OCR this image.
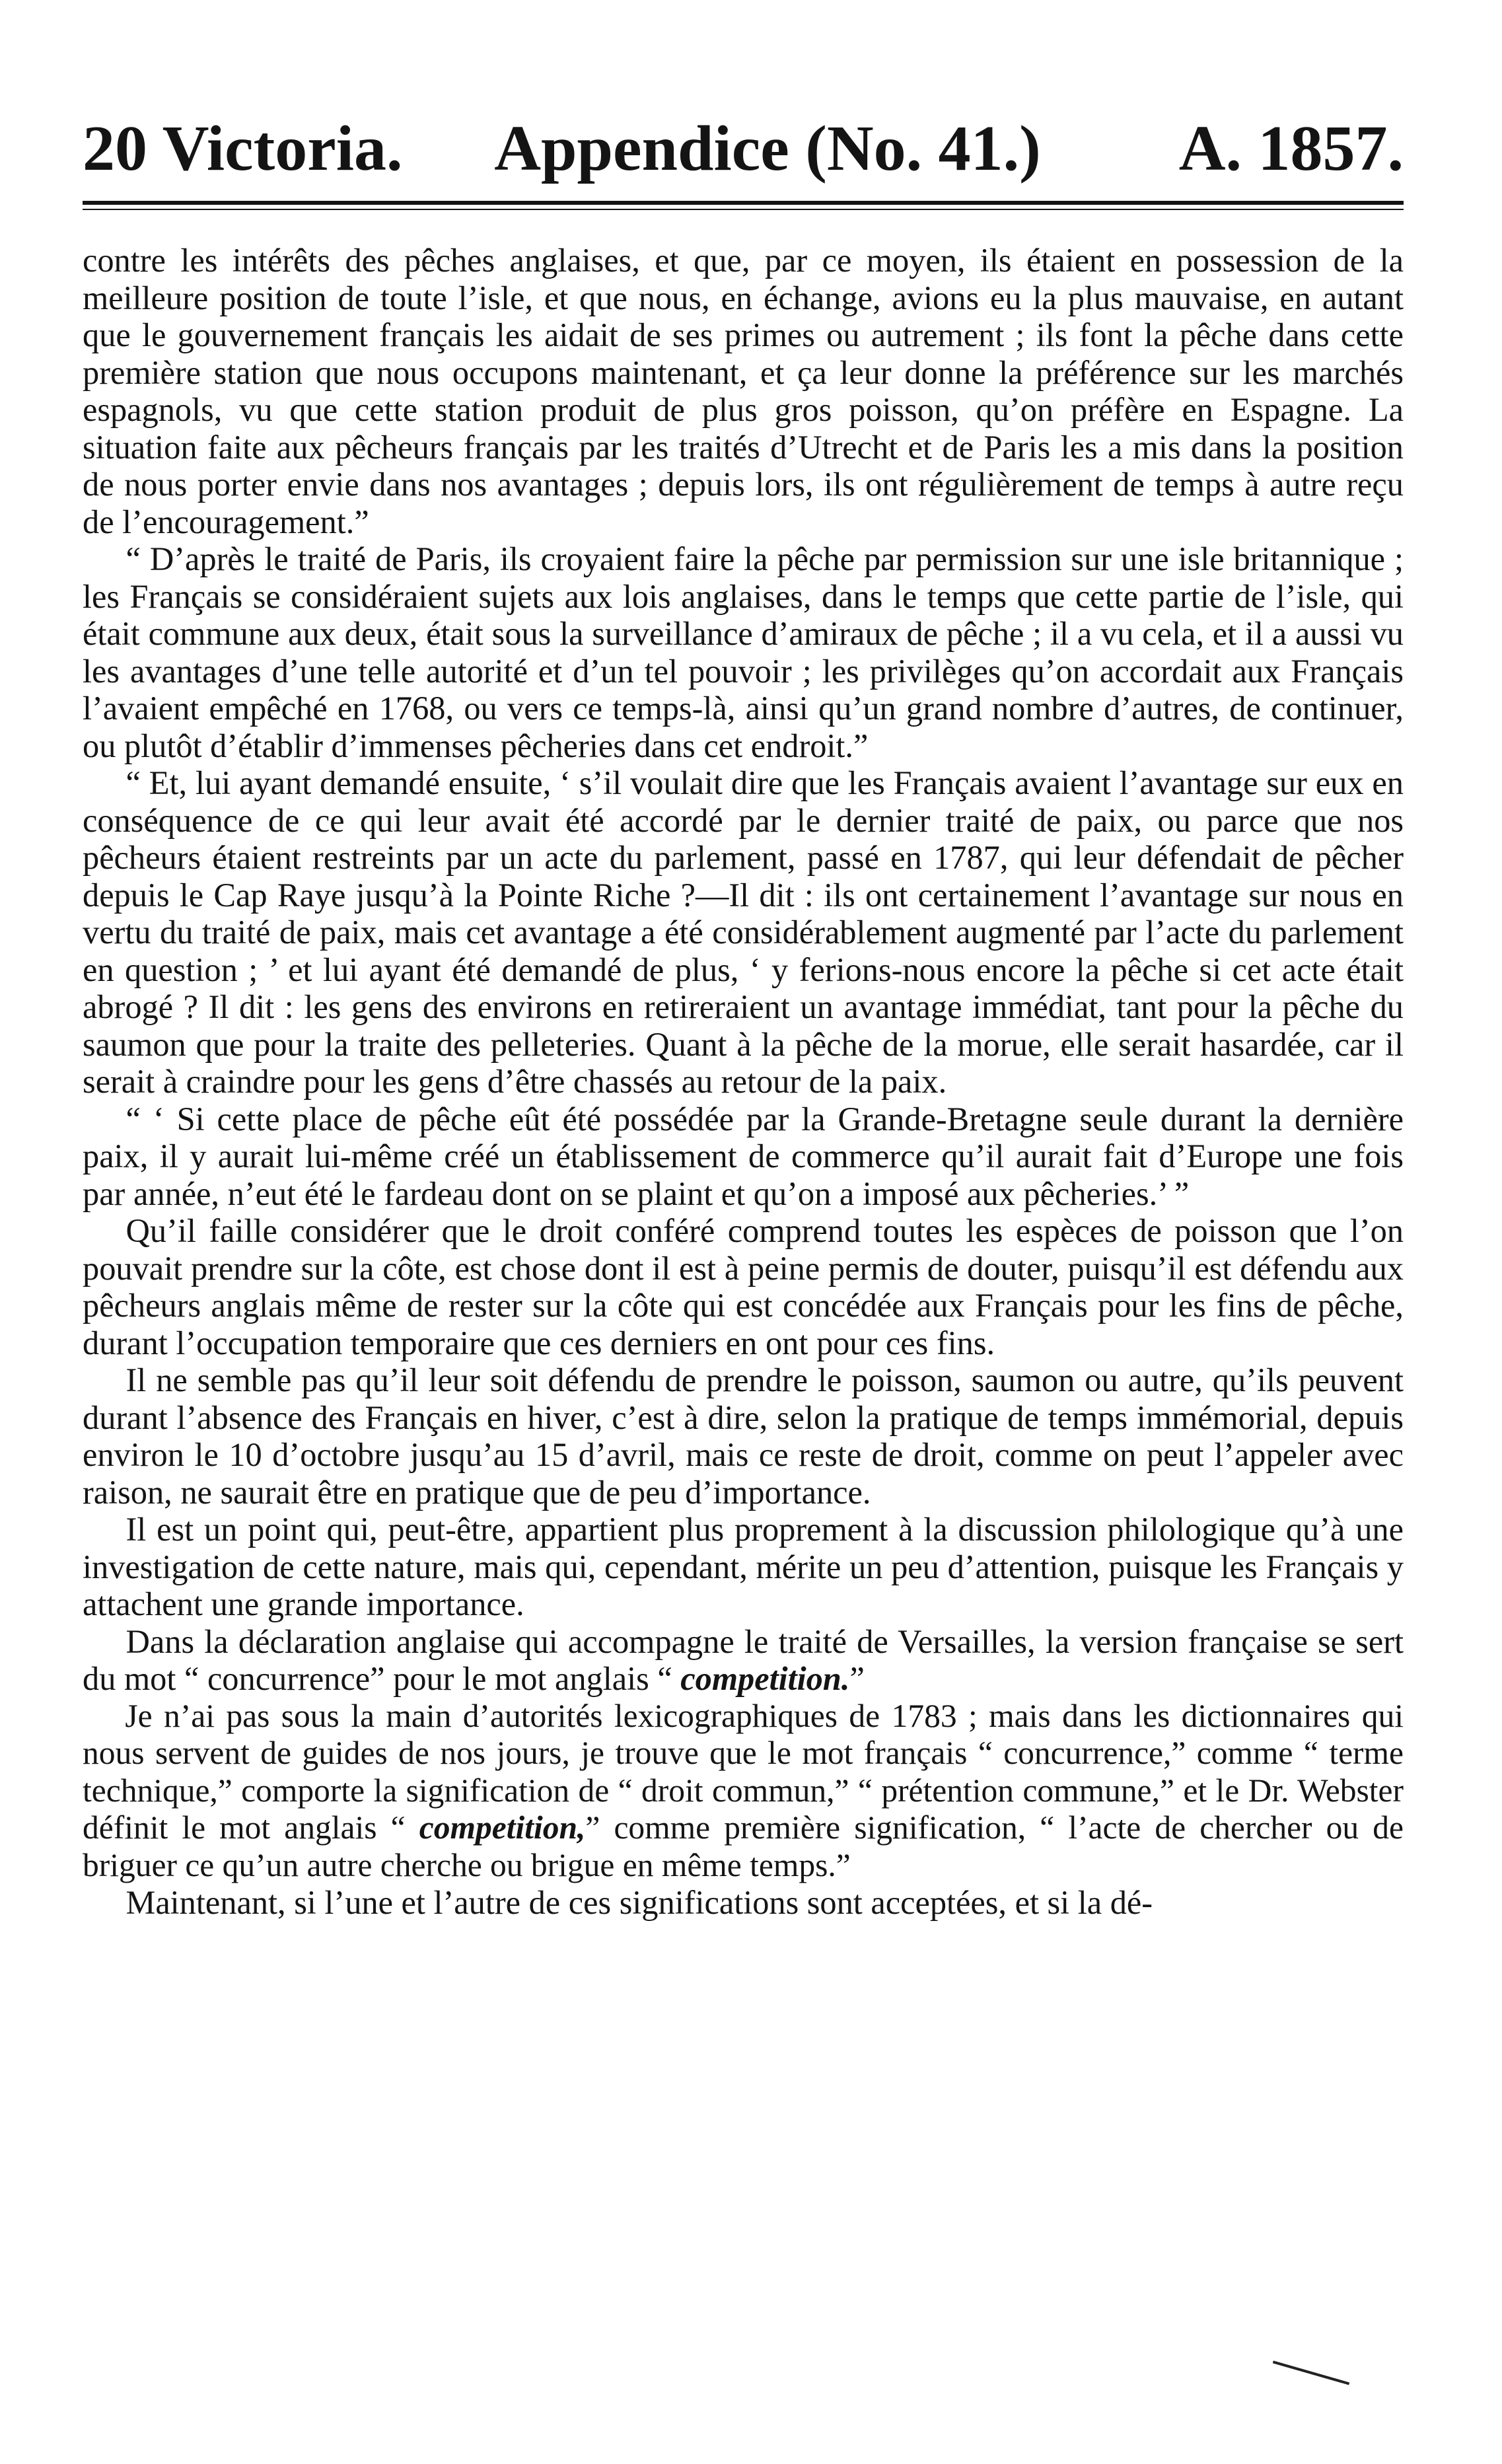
20 Victoria. Appendice (No. 41.) A. 1857.

contre les intérêts des pêches anglaises, et que, par ce moyen, ils étaient en possession de la meilleure position de toute l’isle, et que nous, en échange, avions eu la plus mauvaise, en autant que le gouvernement français les aidait de ses primes ou autrement ; ils font la pêche dans cette première station que nous occupons maintenant, et ça leur donne la préférence sur les marchés espagnols, vu que cette station produit de plus gros poisson, qu’on préfère en Espagne. La situation faite aux pêcheurs français par les traités d’Utrecht et de Paris les a mis dans la position de nous porter envie dans nos avantages ; depuis lors, ils ont régulièrement de temps à autre reçu de l’encouragement.”

“ D’après le traité de Paris, ils croyaient faire la pêche par permission sur une isle britannique ; les Français se considéraient sujets aux lois anglaises, dans le temps que cette partie de l’isle, qui était commune aux deux, était sous la surveillance d’amiraux de pêche ; il a vu cela, et il a aussi vu les avantages d’une telle autorité et d’un tel pouvoir ; les privilèges qu’on accordait aux Français l’avaient empêché en 1768, ou vers ce temps-là, ainsi qu’un grand nombre d’autres, de continuer, ou plutôt d’établir d’immenses pêcheries dans cet endroit.”

“ Et, lui ayant demandé ensuite, ‘ s’il voulait dire que les Français avaient l’avantage sur eux en conséquence de ce qui leur avait été accordé par le dernier traité de paix, ou parce que nos pêcheurs étaient restreints par un acte du parlement, passé en 1787, qui leur défendait de pêcher depuis le Cap Raye jusqu’à la Pointe Riche ?—Il dit : ils ont certainement l’avantage sur nous en vertu du traité de paix, mais cet avantage a été considérablement augmenté par l’acte du parlement en question ; ’ et lui ayant été demandé de plus, ‘ y ferions-nous encore la pêche si cet acte était abrogé ? Il dit : les gens des environs en retireraient un avantage immédiat, tant pour la pêche du saumon que pour la traite des pelleteries. Quant à la pêche de la morue, elle serait hasardée, car il serait à craindre pour les gens d’être chassés au retour de la paix.

“ ‘ Si cette place de pêche eût été possédée par la Grande-Bretagne seule durant la dernière paix, il y aurait lui-même créé un établissement de commerce qu’il aurait fait d’Europe une fois par année, n’eut été le fardeau dont on se plaint et qu’on a imposé aux pêcheries.’ ”

Qu’il faille considérer que le droit conféré comprend toutes les espèces de poisson que l’on pouvait prendre sur la côte, est chose dont il est à peine permis de douter, puisqu’il est défendu aux pêcheurs anglais même de rester sur la côte qui est concédée aux Français pour les fins de pêche, durant l’occupation temporaire que ces derniers en ont pour ces fins.

Il ne semble pas qu’il leur soit défendu de prendre le poisson, saumon ou autre, qu’ils peuvent durant l’absence des Français en hiver, c’est à dire, selon la pratique de temps immémorial, depuis environ le 10 d’octobre jusqu’au 15 d’avril, mais ce reste de droit, comme on peut l’appeler avec raison, ne saurait être en pratique que de peu d’importance.

Il est un point qui, peut-être, appartient plus proprement à la discussion philologique qu’à une investigation de cette nature, mais qui, cependant, mérite un peu d’attention, puisque les Français y attachent une grande importance.

Dans la déclaration anglaise qui accompagne le traité de Versailles, la version française se sert du mot “ concurrence” pour le mot anglais “ competition.”

Je n’ai pas sous la main d’autorités lexicographiques de 1783 ; mais dans les dictionnaires qui nous servent de guides de nos jours, je trouve que le mot français “ concurrence,” comme “ terme technique,” comporte la signification de “ droit commun,” “ prétention commune,” et le Dr. Webster définit le mot anglais “ competition,” comme première signification, “ l’acte de chercher ou de briguer ce qu’un autre cherche ou brigue en même temps.”

Maintenant, si l’une et l’autre de ces significations sont acceptées, et si la dé-
